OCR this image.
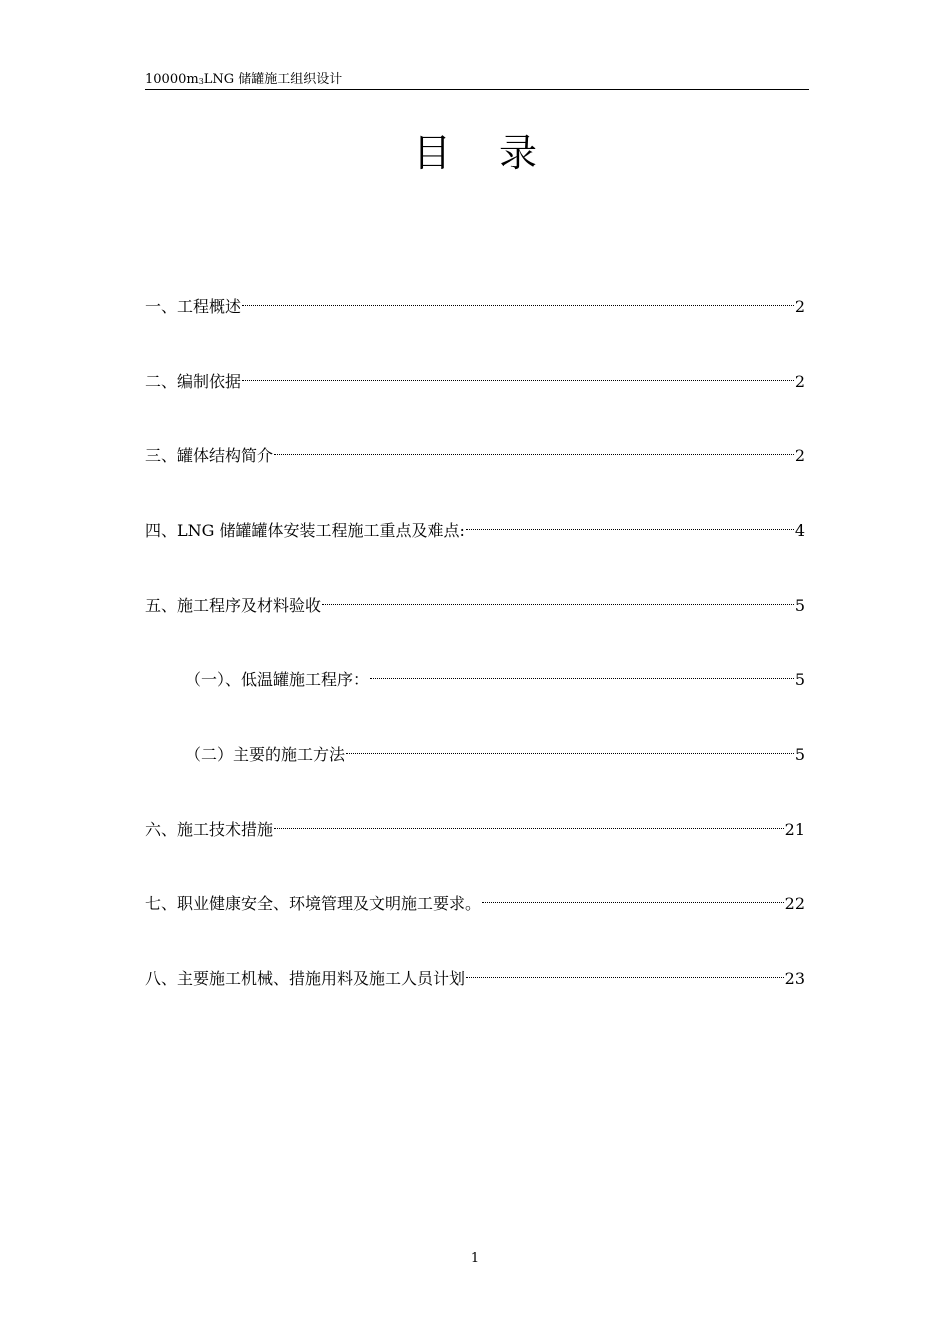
$10000m_3LNG$ 储罐施工组织设计
目录
一、工程概述	2
二、编制依据	2
三、罐体结构简介	2
四、LNG 储罐罐体安装工程施工重点及难点:	4
五、施工程序及材料验收	5
（一）、低温罐施工程序：	5
（二）主要的施工方法	5
六、施工技术措施	21
七、职业健康安全、环境管理及文明施工要求。	22
八、主要施工机械、措施用料及施工人员计划	23
1
